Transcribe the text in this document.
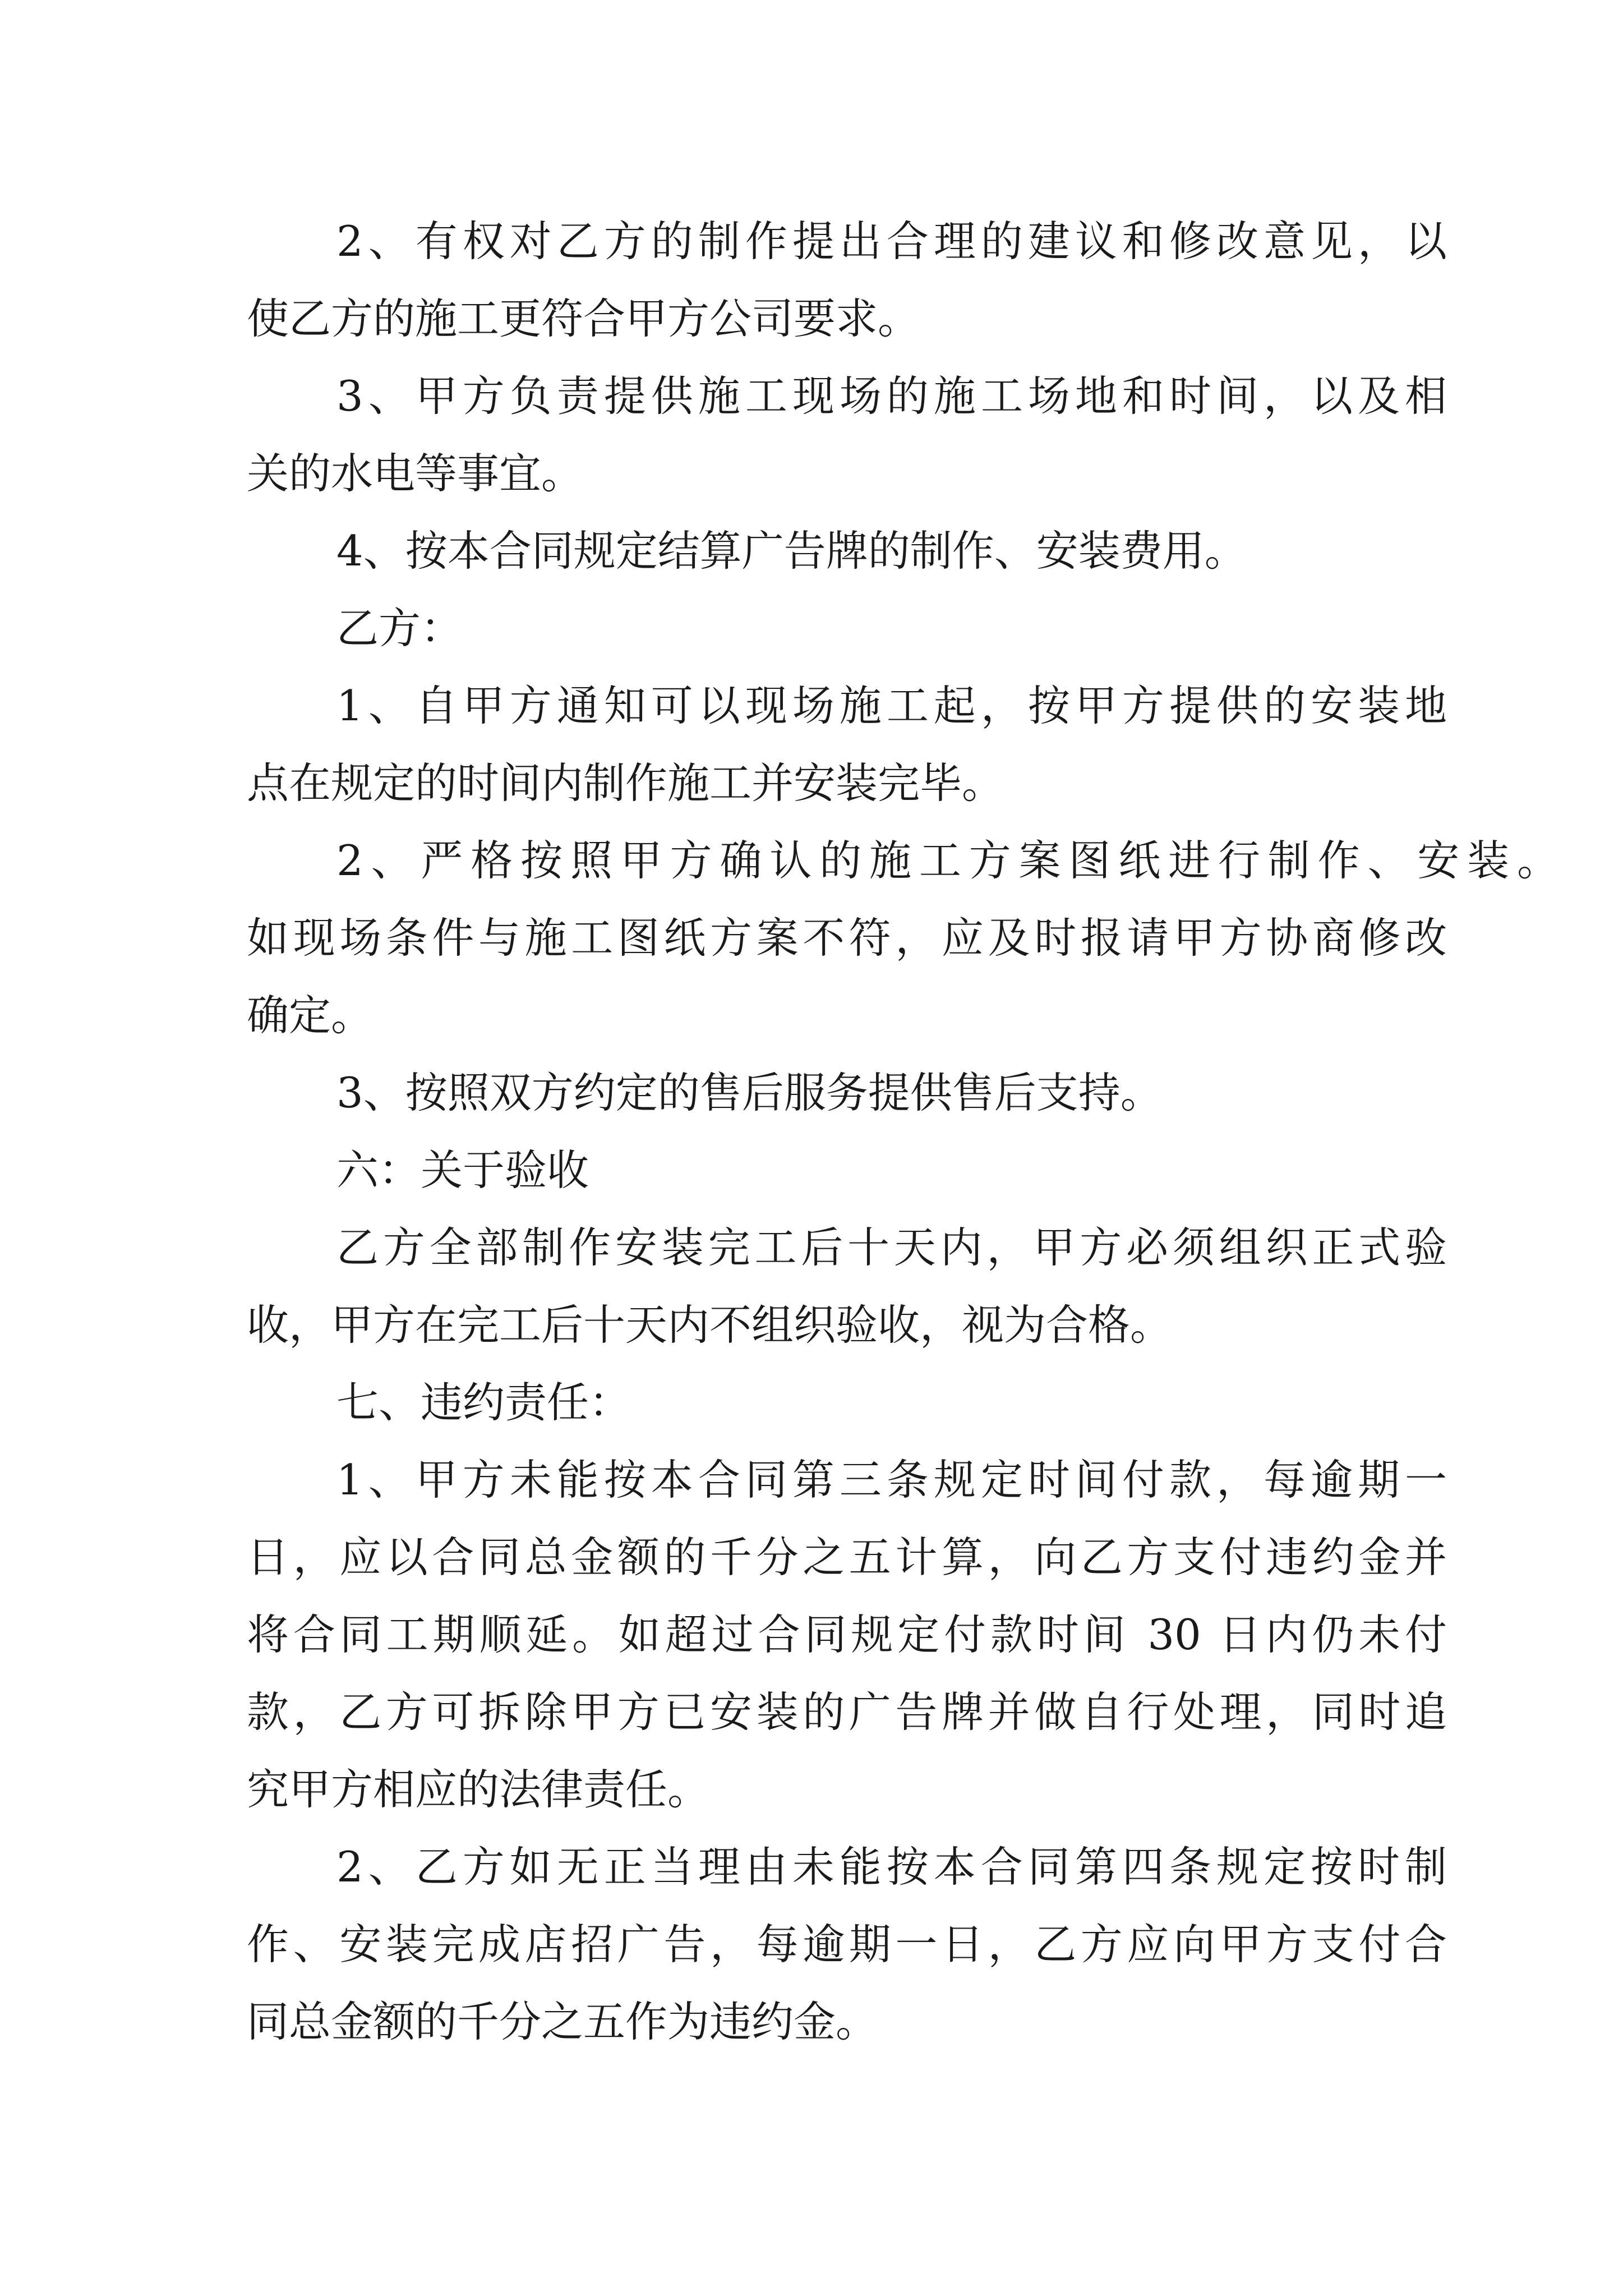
2、有权对乙方的制作提出合理的建议和修改意见，以
使乙方的施工更符合甲方公司要求。
3、甲方负责提供施工现场的施工场地和时间，以及相
关的水电等事宜。
4、按本合同规定结算广告牌的制作、安装费用。
乙方：
1、自甲方通知可以现场施工起，按甲方提供的安装地
点在规定的时间内制作施工并安装完毕。
2、严格按照甲方确认的施工方案图纸进行制作、安装。
如现场条件与施工图纸方案不符，应及时报请甲方协商修改
确定。
3、按照双方约定的售后服务提供售后支持。
六：关于验收
乙方全部制作安装完工后十天内，甲方必须组织正式验
收，甲方在完工后十天内不组织验收，视为合格。
七、违约责任：
1、甲方未能按本合同第三条规定时间付款，每逾期一
日，应以合同总金额的千分之五计算，向乙方支付违约金并
将合同工期顺延。如超过合同规定付款时间 30 日内仍未付
款，乙方可拆除甲方已安装的广告牌并做自行处理，同时追
究甲方相应的法律责任。
2、乙方如无正当理由未能按本合同第四条规定按时制
作、安装完成店招广告，每逾期一日，乙方应向甲方支付合
同总金额的千分之五作为违约金。
